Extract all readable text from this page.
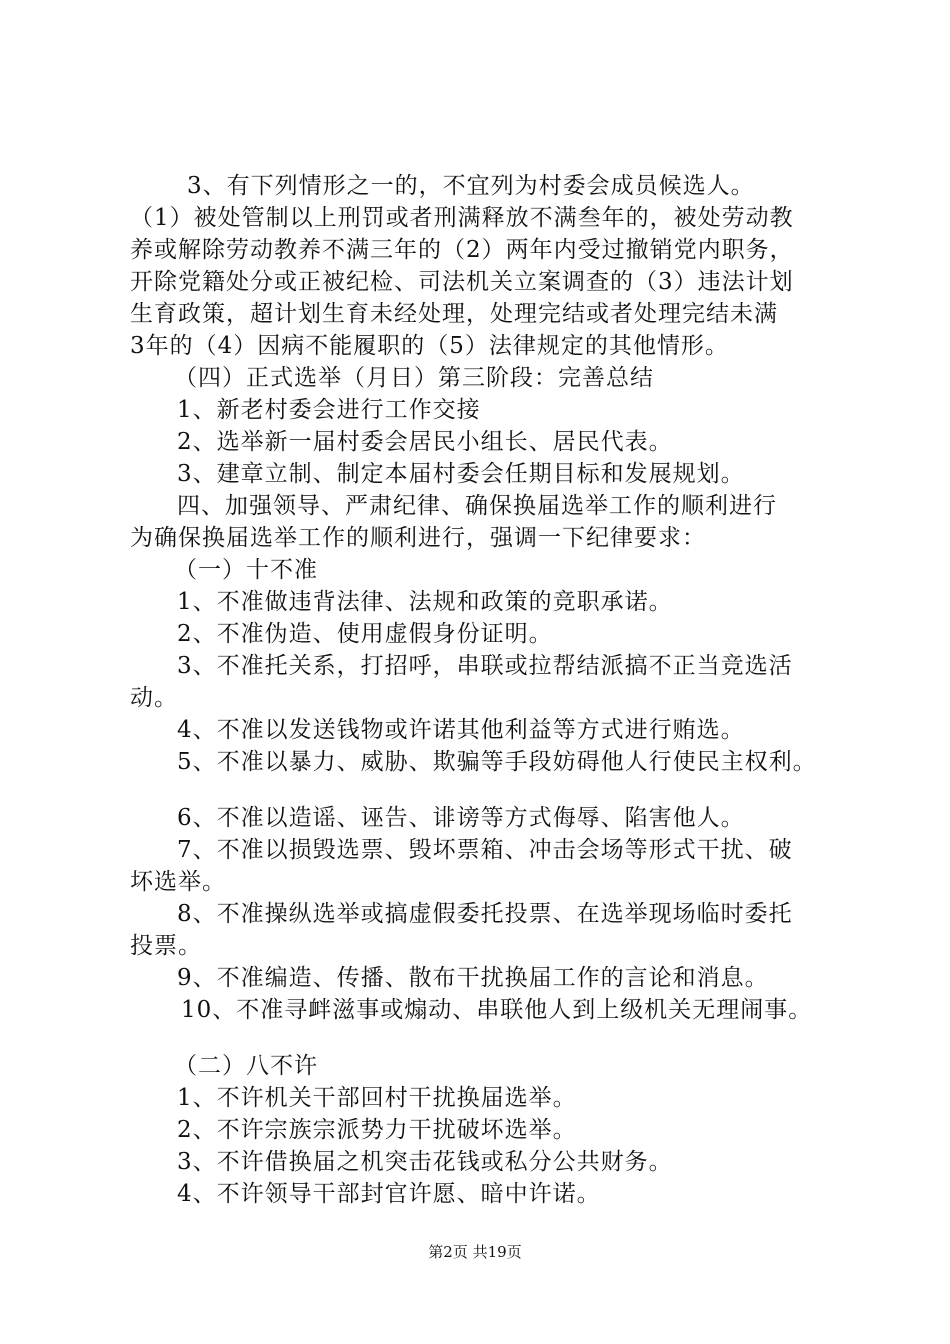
3、有下列情形之一的，不宜列为村委会成员候选人。
（1）被处管制以上刑罚或者刑满释放不满叁年的，被处劳动教
养或解除劳动教养不满三年的（2）两年内受过撤销党内职务，
开除党籍处分或正被纪检、司法机关立案调查的（3）违法计划
生育政策，超计划生育未经处理，处理完结或者处理完结未满
3年的（4）因病不能履职的（5）法律规定的其他情形。
（四）正式选举（月日）第三阶段：完善总结
1、新老村委会进行工作交接
2、选举新一届村委会居民小组长、居民代表。
3、建章立制、制定本届村委会任期目标和发展规划。
四、加强领导、严肃纪律、确保换届选举工作的顺利进行
为确保换届选举工作的顺利进行，强调一下纪律要求：
（一）十不准
1、不准做违背法律、法规和政策的竞职承诺。
2、不准伪造、使用虚假身份证明。
3、不准托关系，打招呼，串联或拉帮结派搞不正当竞选活
动。
4、不准以发送钱物或许诺其他利益等方式进行贿选。
5、不准以暴力、威胁、欺骗等手段妨碍他人行使民主权利。
6、不准以造谣、诬告、诽谤等方式侮辱、陷害他人。
7、不准以损毁选票、毁坏票箱、冲击会场等形式干扰、破
坏选举。
8、不准操纵选举或搞虚假委托投票、在选举现场临时委托
投票。
9、不准编造、传播、散布干扰换届工作的言论和消息。
10、不准寻衅滋事或煽动、串联他人到上级机关无理闹事。
（二）八不许
1、不许机关干部回村干扰换届选举。
2、不许宗族宗派势力干扰破坏选举。
3、不许借换届之机突击花钱或私分公共财务。
4、不许领导干部封官许愿、暗中许诺。
第2页 共19页
